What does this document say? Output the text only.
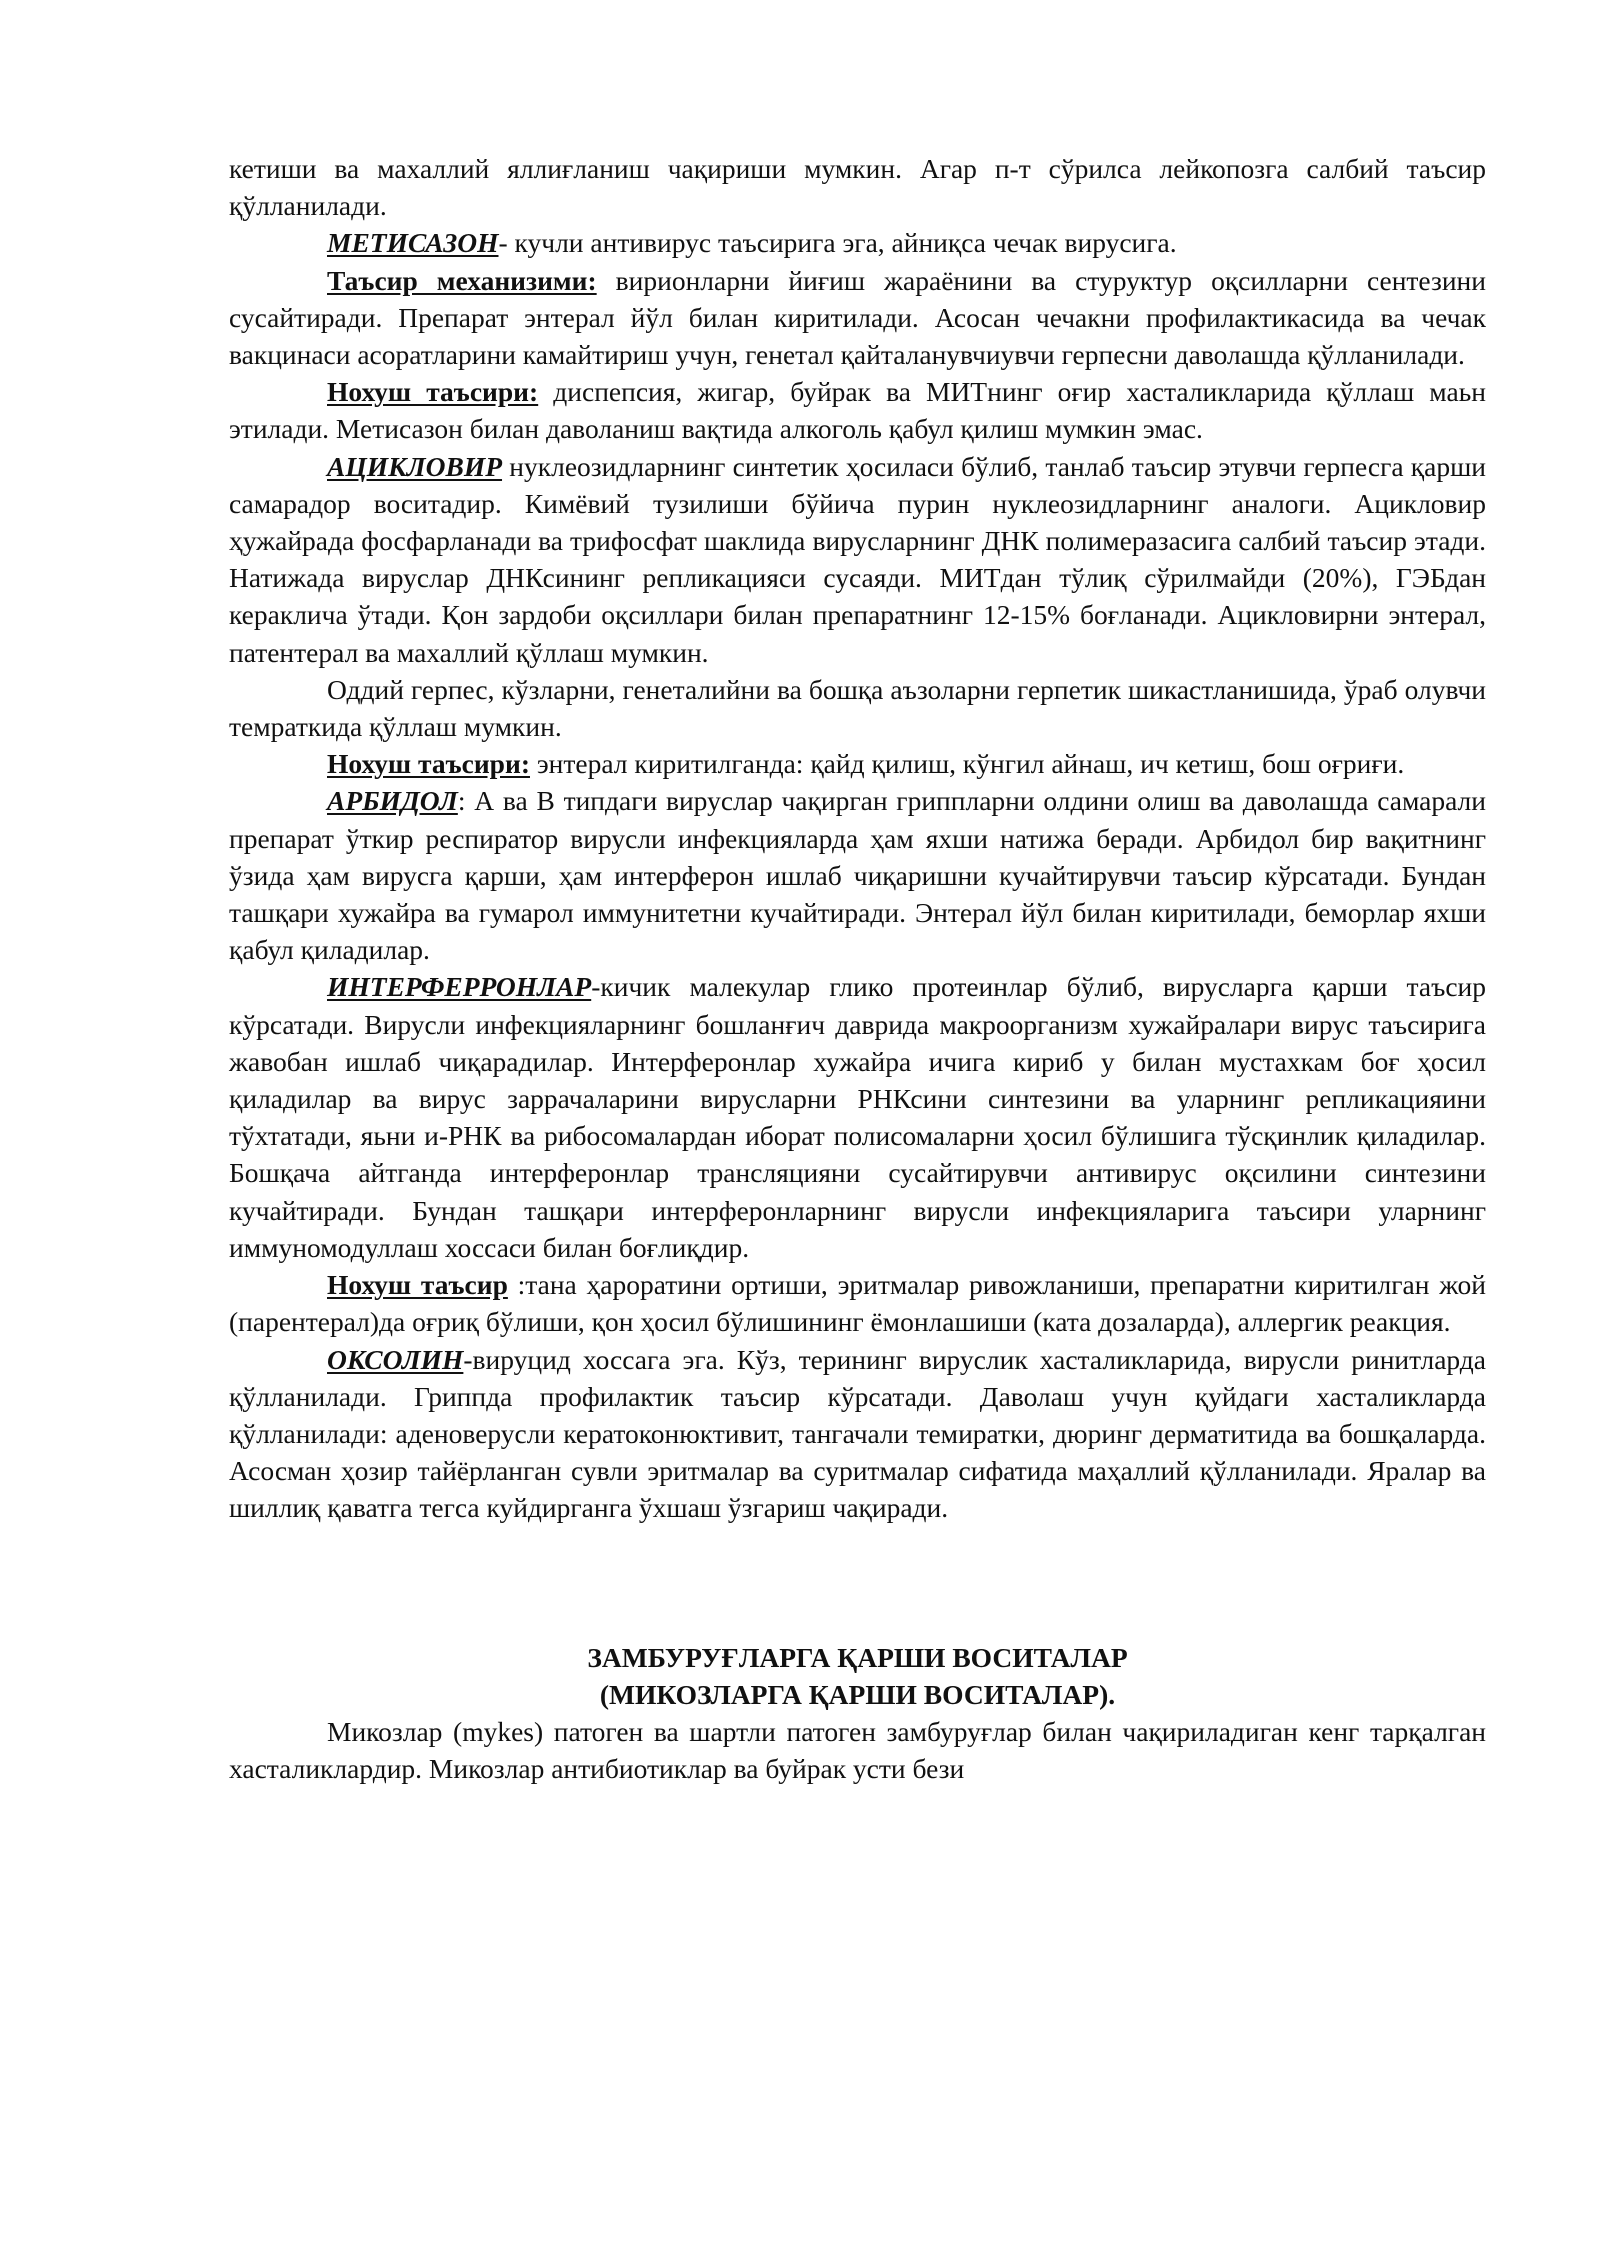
кетиши ва махаллий яллиғланиш чақириши мумкин. Агар п-т сўрилса лейкопозга салбий таъсир қўлланилади.

МЕТИСАЗОН- кучли антивирус таъсирига эга, айниқса чечак вирусига.

Таъсир механизими: вирионларни йиғиш жараёнини ва стуруктур оқсилларни сентезини сусайтиради. Препарат энтерал йўл билан киритилади. Асосан чечакни профилактикасида ва чечак вакцинаси асоратларини камайтириш учун, генетал қайталанувчиувчи герпесни даволашда қўлланилади.

Нохуш таъсири: диспепсия, жигар, буйрак ва МИТнинг оғир хасталикларида қўллаш маьн этилади. Метисазон билан даволаниш вақтида алкоголь қабул қилиш мумкин эмас.

АЦИКЛОВИР нуклеозидларнинг синтетик ҳосиласи бўлиб, танлаб таъсир этувчи герпесга қарши самарадор воситадир. Кимёвий тузилиши бўйича пурин нуклеозидларнинг аналоги. Ацикловир ҳужайрада фосфарланади ва трифосфат шаклида вирусларнинг ДНК полимеразасига салбий таъсир этади. Натижада вируслар ДНКсининг репликацияси сусаяди. МИТдан тўлиқ сўрилмайди (20%), ГЭБдан кераклича ўтади. Қон зардоби оқсиллари билан препаратнинг 12-15% боғланади. Ацикловирни энтерал, патентерал ва махаллий қўллаш мумкин.

Оддий герпес, кўзларни, генеталийни ва бошқа аъзоларни герпетик шикастланишида, ўраб олувчи темраткида қўллаш мумкин.

Нохуш таъсири: энтерал киритилганда: қайд қилиш, кўнгил айнаш, ич кетиш, бош оғриғи.

АРБИДОЛ: А ва В типдаги вируслар чақирган гриппларни олдини олиш ва даволашда самарали препарат ўткир респиратор вирусли инфекцияларда ҳам яхши натижа беради. Арбидол бир вақитнинг ўзида ҳам вирусга қарши, ҳам интерферон ишлаб чиқаришни кучайтирувчи таъсир кўрсатади. Бундан ташқари хужайра ва гумарол иммунитетни кучайтиради. Энтерал йўл билан киритилади, беморлар яхши қабул қиладилар.

ИНТЕРФЕРРОНЛАР-кичик малекулар глико протеинлар бўлиб, вирусларга қарши таъсир кўрсатади. Вирусли инфекцияларнинг бошланғич даврида макроорганизм хужайралари вирус таъсирига жавобан ишлаб чиқарадилар. Интерферонлар хужайра ичига кириб у билан мустахкам боғ ҳосил қиладилар ва вирус заррачаларини вирусларни РНКсини синтезини ва уларнинг репликацияини тўхтатади, яьни и-РНК ва рибосомалардан иборат полисомаларни ҳосил бўлишига тўсқинлик қиладилар. Бошқача айтганда интерферонлар трансляцияни сусайтирувчи антивирус оқсилини синтезини кучайтиради. Бундан ташқари интерферонларнинг вирусли инфекцияларига таъсири уларнинг иммуномодуллаш хоссаси билан боғлиқдир.

Нохуш таъсир :тана ҳароратини ортиши, эритмалар ривожланиши, препаратни киритилган жой (парентерал)да оғриқ бўлиши, қон ҳосил бўлишининг ёмонлашиши (ката дозаларда), аллергик реакция.

ОКСОЛИН-вируцид хоссага эга. Кўз, терининг вируслик хасталикларида, вирусли ринитларда қўлланилади. Гриппда профилактик таъсир кўрсатади. Даволаш учун қуйдаги хасталикларда қўлланилади: аденоверусли кератоконюктивит, тангачали темиратки, дюринг дерматитида ва бошқаларда. Асосман ҳозир тайёрланган сувли эритмалар ва суритмалар сифатида маҳаллий қўлланилади. Яралар ва шиллиқ қаватга тегса куйдирганга ўхшаш ўзгариш чақиради.

ЗАМБУРУҒЛАРГА ҚАРШИ ВОСИТАЛАР

(МИКОЗЛАРГА ҚАРШИ ВОСИТАЛАР).

Микозлар (mykes) патоген ва шартли патоген замбуруғлар билан чақириладиган кенг тарқалган хасталиклардир. Микозлар антибиотиклар ва буйрак усти бези
